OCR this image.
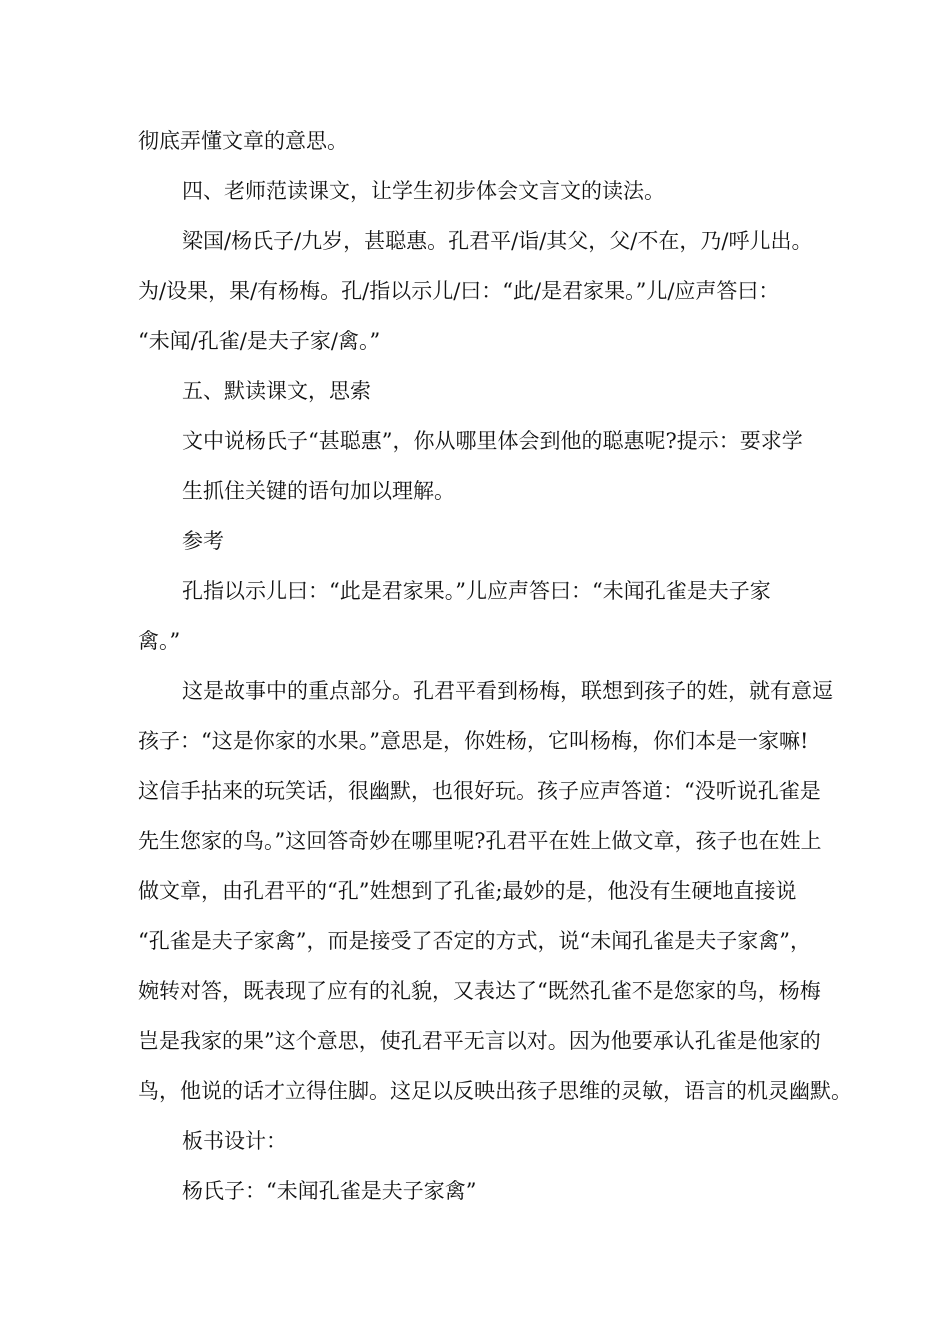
彻底弄懂文章的意思。
四、老师范读课文，让学生初步体会文言文的读法。
梁国/杨氏子/九岁，甚聪惠。孔君平/诣/其父，父/不在，乃/呼儿出。
为/设果，果/有杨梅。孔/指以示儿/曰：“此/是君家果。”儿/应声答曰：
“未闻/孔雀/是夫子家/禽。”
五、默读课文，思索
文中说杨氏子“甚聪惠”，你从哪里体会到他的聪惠呢?提示：要求学
生抓住关键的语句加以理解。
参考
孔指以示儿曰：“此是君家果。”儿应声答曰：“未闻孔雀是夫子家
禽。”
这是故事中的重点部分。孔君平看到杨梅，联想到孩子的姓，就有意逗
孩子：“这是你家的水果。”意思是，你姓杨，它叫杨梅，你们本是一家嘛!
这信手拈来的玩笑话，很幽默，也很好玩。孩子应声答道：“没听说孔雀是
先生您家的鸟。”这回答奇妙在哪里呢?孔君平在姓上做文章，孩子也在姓上
做文章，由孔君平的“孔”姓想到了孔雀;最妙的是，他没有生硬地直接说
“孔雀是夫子家禽”，而是接受了否定的方式，说“未闻孔雀是夫子家禽”，
婉转对答，既表现了应有的礼貌，又表达了“既然孔雀不是您家的鸟，杨梅
岂是我家的果”这个意思，使孔君平无言以对。因为他要承认孔雀是他家的
鸟，他说的话才立得住脚。这足以反映出孩子思维的灵敏，语言的机灵幽默。
板书设计：
杨氏子：“未闻孔雀是夫子家禽”
